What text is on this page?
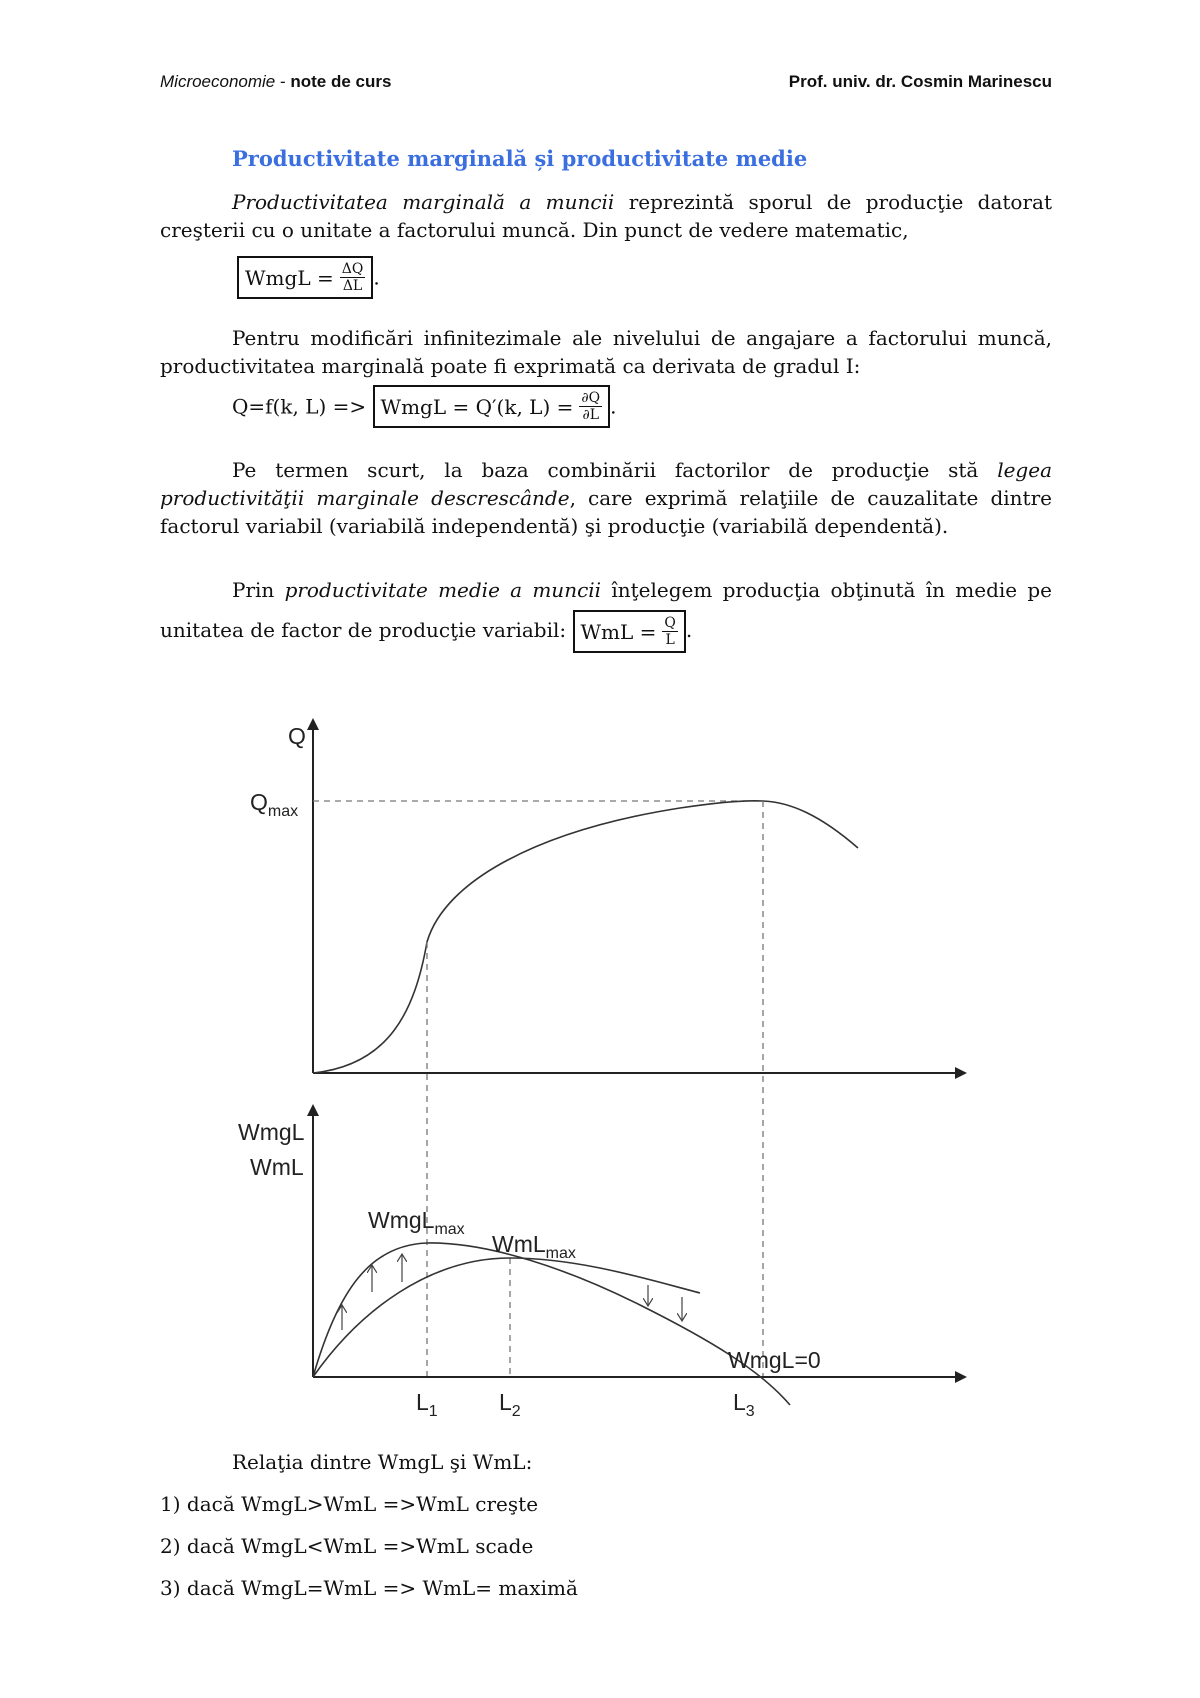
Microeconomie - note de curs	Prof. univ. dr. Cosmin Marinescu
Productivitate marginală și productivitate medie
Productivitatea marginală a muncii reprezintă sporul de producţie datorat creşterii cu o unitate a factorului muncă. Din punct de vedere matematic,
WmgL = $\frac{\Delta Q}{\Delta L}$ .
Pentru modificări infinitezimale ale nivelului de angajare a factorului muncă, productivitatea marginală poate fi exprimată ca derivata de gradul I:
Q=f(k, L) => WmgL = Q′(k, $L) = \frac{\partial Q}{\partial L}$ .
Pe termen scurt, la baza combinării factorilor de producţie stă legea productivităţii marginale descrescânde, care exprimă relaţiile de cauzalitate dintre factorul variabil (variabilă independentă) şi producţie (variabilă dependentă).
Prin productivitate medie a muncii înţelegem producţia obţinută în medie pe unitatea de factor de producţie variabil: WmL = $\frac{Q}{L}$ .
Q
$Q_{max}$
WmgL
WmL
WmgL$_{max}$
WmL$_{max}$
WmgL=0
$L_1$	$L_2$	$L_3$
Relaţia dintre WmgL şi WmL:
1) dacă WmgL>WmL =>WmL creşte
2) dacă WmgL<WmL =>WmL scade
3) dacă WmgL=WmL => WmL= maximă
